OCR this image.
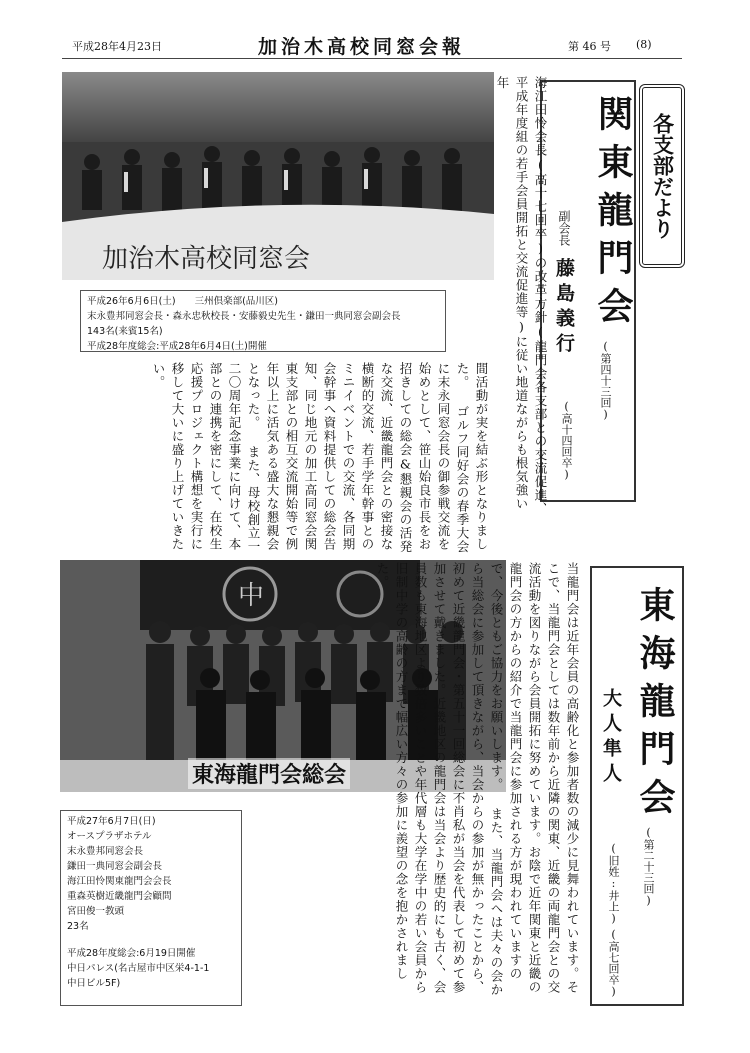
平成28年4月23日	加治木高校同窓会報	第 46 号 (8)
加治木高校同窓会
平成26年6月6日(土)　　三州倶楽部(品川区)
末永豊邦同窓会長・森永忠秋校長・安藤毅史先生・鎌田一典同窓会副会長
143名(来賓15名)
平成28年度総会:平成28年6月4日(土)開催
各支部だより
関東龍門会
(第四十三回)
副会長
藤島義行
(高十四回卒)
海江田怜会長(高十七回卒)の改革方針(龍門会各支部との交流促進、 平成年度組の若手会員開拓と交流促進等)に従い地道ながらも根気強い年
間活動が実を結ぶ形となりました。 ゴルフ同好会の春季大会に末永同窓会長の御参戦交流を始めとして、笹山始良市長をお招きしての総会&懇親会の活発な交流、近畿龍門会との密接な横断的交流、若手学年幹事とのミニイベントでの交流、各同期会幹事へ資料提供しての総会告知、同じ地元の加工高同窓会関東支部との相互交流開始等で例年以上に活気ある盛大な懇親会となった。 また、母校創立一二〇周年記念事業に向けて、本部との連携を密にして、在校生応援プロジェクト構想を実行に移して大いに盛り上げていきたい。
中
東海龍門会総会
平成27年6月7日(日)
オースプラザホテル
末永豊邦同窓会長
鎌田一典同窓会副会長
海江田怜関東龍門会会長
重森英樹近畿龍門会顧問
宮田俊一教頭
23名
平成28年度総会:6月19日開催
中日パレス(名古屋市中区栄4-1-1
中日ビル5F)
東海龍門会
(第二十三回)
大人隼人
(旧姓:井上)
(高七回卒)
当龍門会は近年会員の高齢化と参加者数の減少に見舞われています。そこで、当龍門会としては数年前から近隣の関東、近畿の両龍門会との交流活動を図りながら会員開拓に努めています。お陰で近年関東と近畿の龍門会の方からの紹介で当龍門会に参加される方が現われていますので、今後ともご協力をお願いします。 また、当龍門会へは夫々の会から当総会に参加して頂きながら、当会からの参加が無かったことから、初めて近畿龍門会・第五十一回総会に不肖私が当会を代表して初めて参加させて戴きました。近畿地区の龍門会は当会より歴史的にも古く、会員数も東海地区より数倍多いことや年代層も大学在学中の若い会員から旧制中学の高齢の方まで幅広い方々の参加に羨望の念を抱かされました。
